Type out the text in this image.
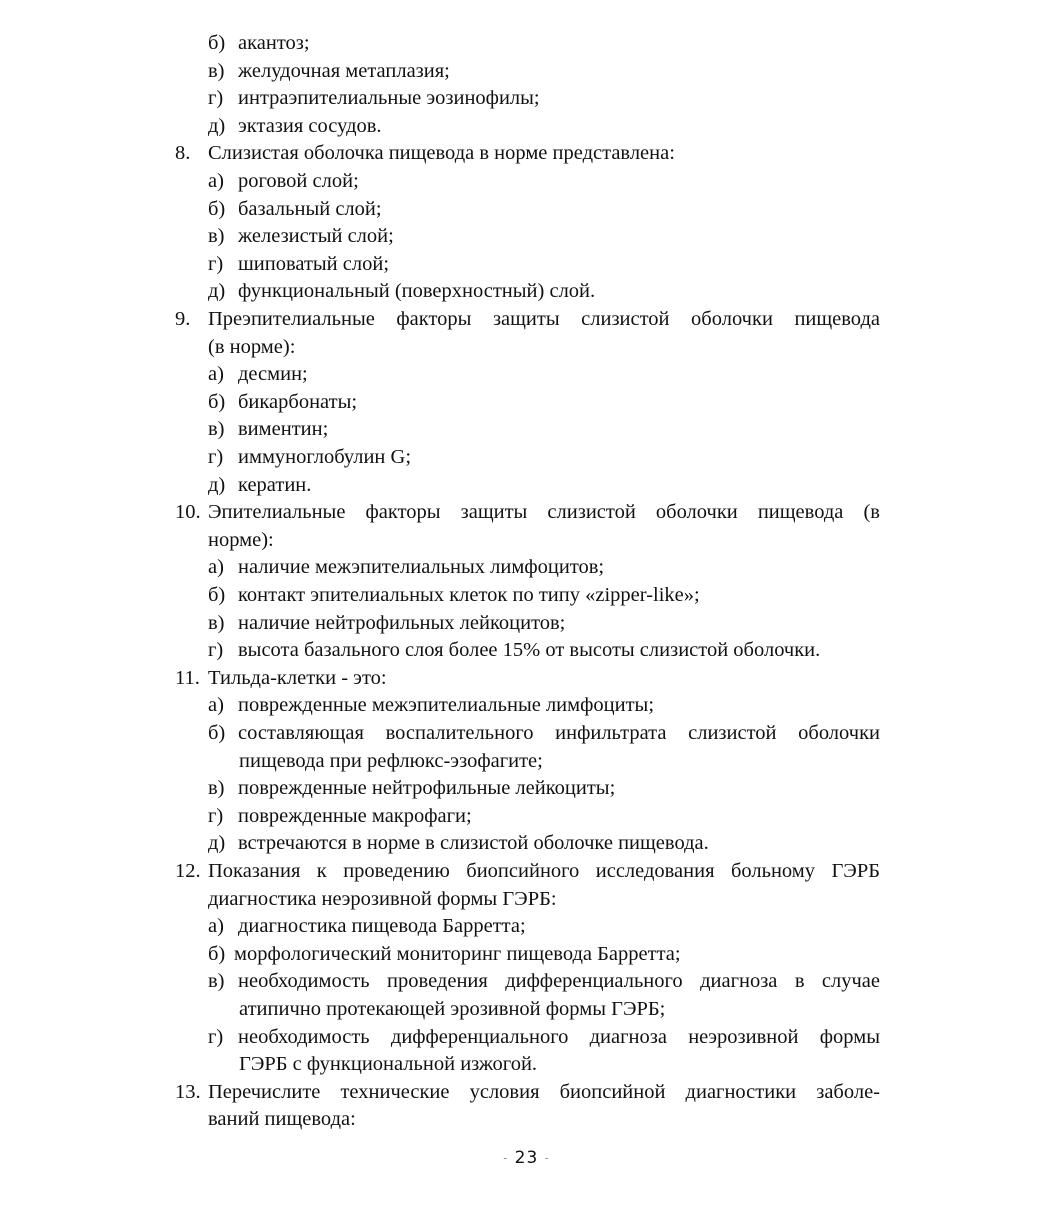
б) акантоз;
в) желудочная метаплазия;
г) интраэпителиальные эозинофилы;
д) эктазия сосудов.
8. Слизистая оболочка пищевода в норме представлена:
а) роговой слой;
б) базальный слой;
в) железистый слой;
г) шиповатый слой;
д) функциональный (поверхностный) слой.
9. Преэпителиальные факторы защиты слизистой оболочки пищевода
(в норме):
а) десмин;
б) бикарбонаты;
в) виментин;
г) иммуноглобулин G;
д) кератин.
10. Эпителиальные факторы защиты слизистой оболочки пищевода (в
норме):
а) наличие межэпителиальных лимфоцитов;
б) контакт эпителиальных клеток по типу «zipper-like»;
в) наличие нейтрофильных лейкоцитов;
г) высота базального слоя более 15% от высоты слизистой оболочки.
11. Тильда-клетки - это:
а) поврежденные межэпителиальные лимфоциты;
б) составляющая воспалительного инфильтрата слизистой оболочки
пищевода при рефлюкс-эзофагите;
в) поврежденные нейтрофильные лейкоциты;
г) поврежденные макрофаги;
д) встречаются в норме в слизистой оболочке пищевода.
12. Показания к проведению биопсийного исследования больному ГЭРБ
диагностика неэрозивной формы ГЭРБ:
а) диагностика пищевода Барретта;
б) морфологический мониторинг пищевода Барретта;
в) необходимость проведения дифференциального диагноза в случае
атипично протекающей эрозивной формы ГЭРБ;
г) необходимость дифференциального диагноза неэрозивной формы
ГЭРБ с функциональной изжогой.
13. Перечислите технические условия биопсийной диагностики заболе-
ваний пищевода:
- 23 -
